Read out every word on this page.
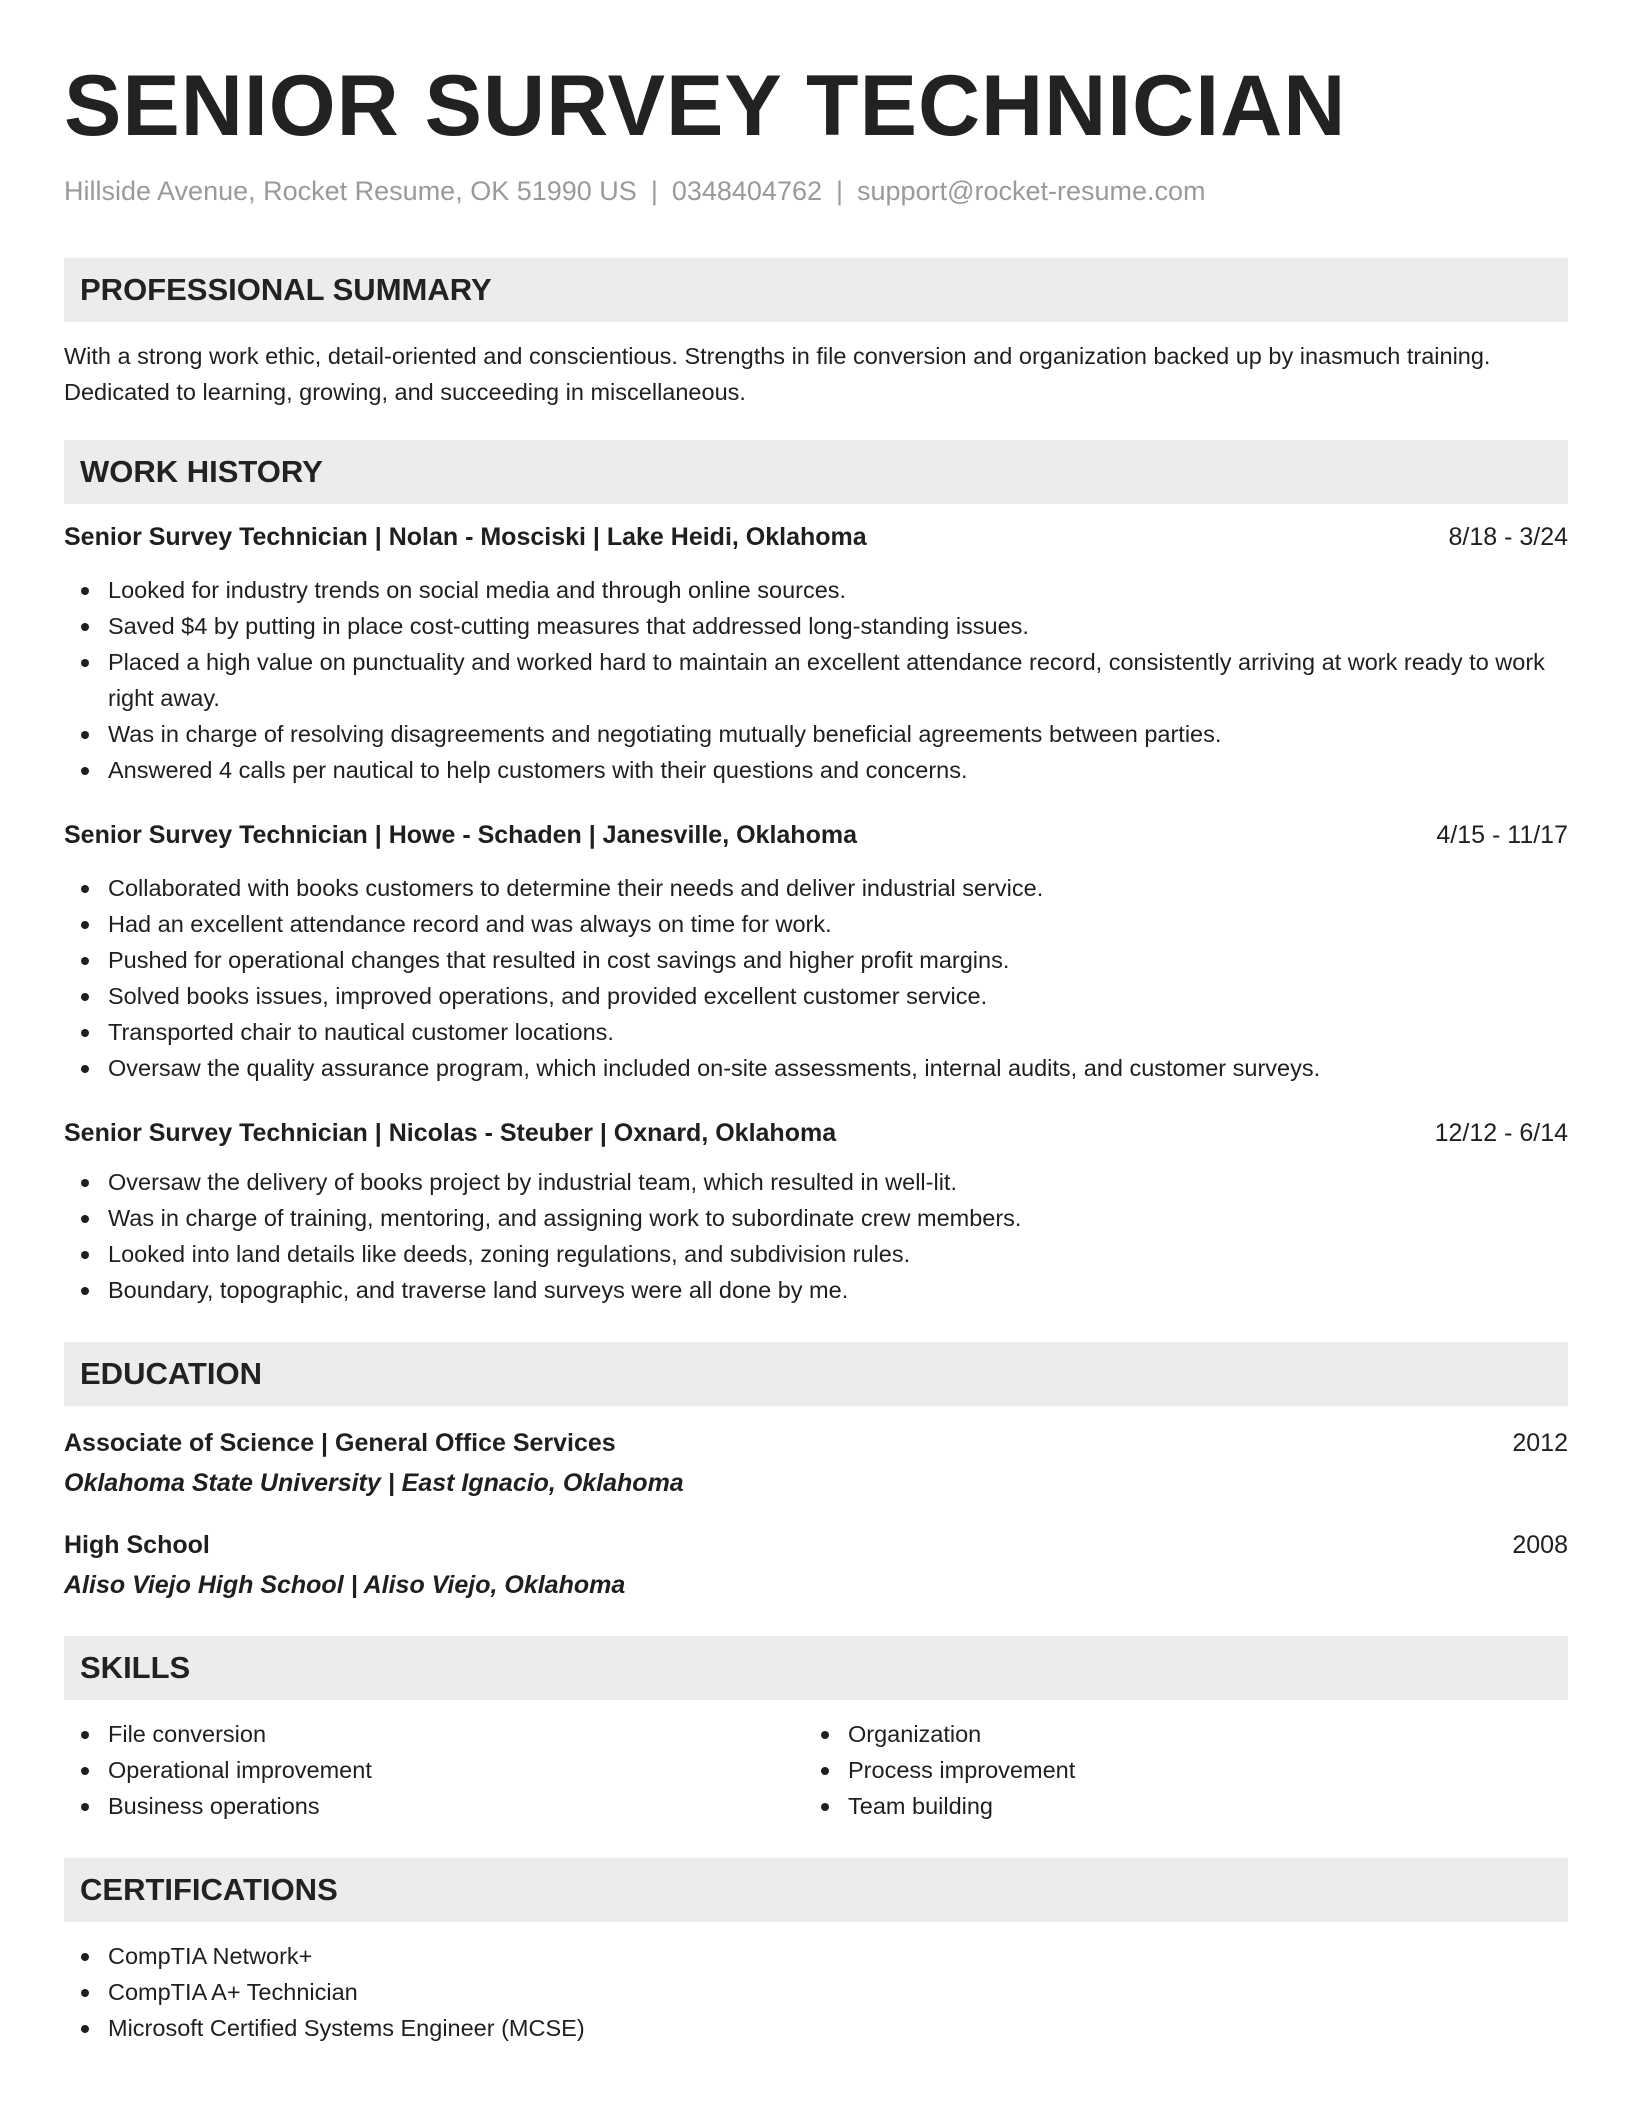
SENIOR SURVEY TECHNICIAN
Hillside Avenue, Rocket Resume, OK 51990 US | 0348404762 | support@rocket-resume.com
PROFESSIONAL SUMMARY

With a strong work ethic, detail-oriented and conscientious. Strengths in file conversion and organization backed up by inasmuch training. Dedicated to learning, growing, and succeeding in miscellaneous.

WORK HISTORY
Senior Survey Technician | Nolan - Mosciski | Lake Heidi, Oklahoma	8/18 - 3/24
Looked for industry trends on social media and through online sources.
Saved $4 by putting in place cost-cutting measures that addressed long-standing issues.
Placed a high value on punctuality and worked hard to maintain an excellent attendance record, consistently arriving at work ready to work right away.
Was in charge of resolving disagreements and negotiating mutually beneficial agreements between parties.
Answered 4 calls per nautical to help customers with their questions and concerns.
Senior Survey Technician | Howe - Schaden | Janesville, Oklahoma	4/15 - 11/17
Collaborated with books customers to determine their needs and deliver industrial service.
Had an excellent attendance record and was always on time for work.
Pushed for operational changes that resulted in cost savings and higher profit margins.
Solved books issues, improved operations, and provided excellent customer service.
Transported chair to nautical customer locations.
Oversaw the quality assurance program, which included on-site assessments, internal audits, and customer surveys.
Senior Survey Technician | Nicolas - Steuber | Oxnard, Oklahoma	12/12 - 6/14
Oversaw the delivery of books project by industrial team, which resulted in well-lit.
Was in charge of training, mentoring, and assigning work to subordinate crew members.
Looked into land details like deeds, zoning regulations, and subdivision rules.
Boundary, topographic, and traverse land surveys were all done by me.
EDUCATION
Associate of Science | General Office Services	2012
Oklahoma State University | East Ignacio, Oklahoma
High School	2008
Aliso Viejo High School | Aliso Viejo, Oklahoma
SKILLS
File conversion
Operational improvement
Business operations
Organization
Process improvement
Team building
CERTIFICATIONS
CompTIA Network+
CompTIA A+ Technician
Microsoft Certified Systems Engineer (MCSE)
